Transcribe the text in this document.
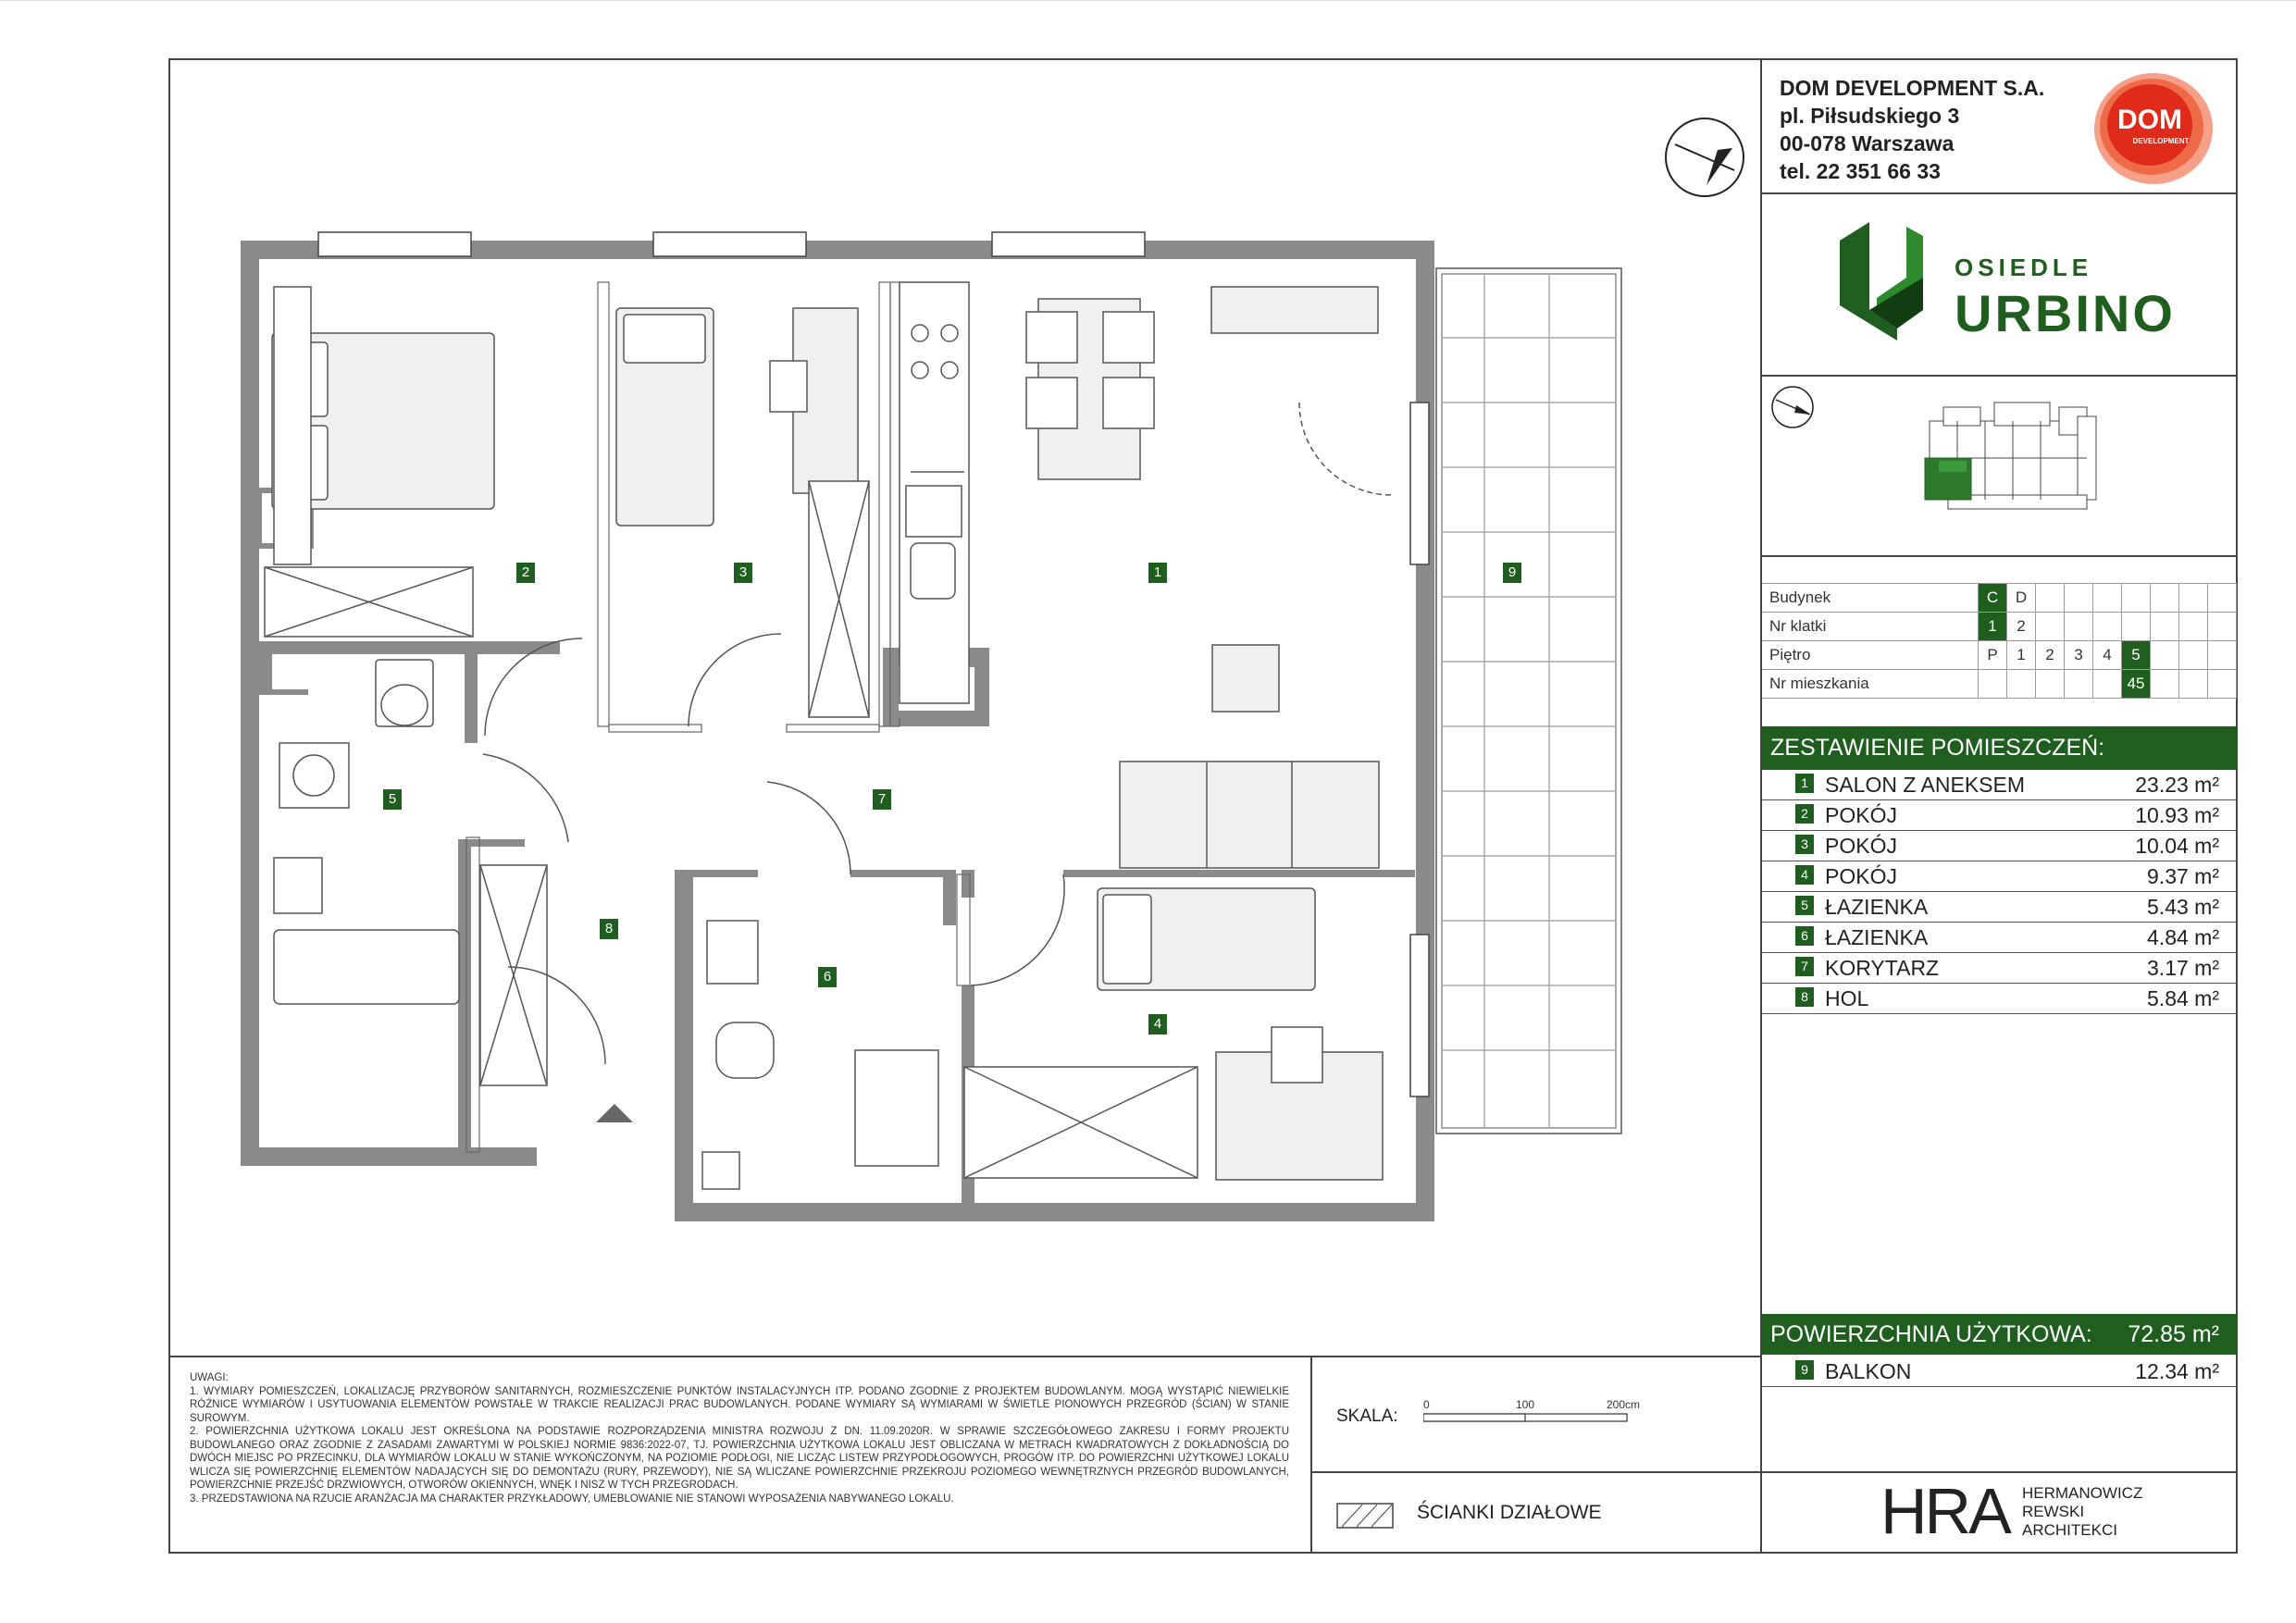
1
2	3
4
5
6
7
8
9
DOM DEVELOPMENT S.A.
pl. Piłsudskiego 3
00-078 Warszawa
tel. 22 351 66 33
DOM
DEVELOPMENT
OSIEDLE
URBINO
Budynek	C	D							
Nr klatki	1	2							
Piętro	P	1	2	3	4	5			
Nr mieszkania						45			
ZESTAWIENIE POMIESZCZEŃ:
1 SALON Z ANEKSEM	23.23 m²
2 POKÓJ	10.93 m²
3 POKÓJ	10.04 m²
4 POKÓJ	9.37 m²
5 ŁAZIENKA	5.43 m²
6 ŁAZIENKA	4.84 m²
7 KORYTARZ	3.17 m²
8 HOL	5.84 m²
POWIERZCHNIA UŻYTKOWA: 72.85 m²
9 BALKON	12.34 m²
UWAGI:
1. WYMIARY POMIESZCZEŃ, LOKALIZACJĘ PRZYBORÓW SANITARNYCH, ROZMIESZCZENIE PUNKTÓW INSTALACYJNYCH ITP. PODANO ZGODNIE Z PROJEKTEM BUDOWLANYM. MOGĄ WYSTĄPIĆ NIEWIELKIE RÓŻNICE WYMIARÓW I USYTUOWANIA ELEMENTÓW POWSTAŁE W TRAKCIE REALIZACJI PRAC BUDOWLANYCH. PODANE WYMIARY SĄ WYMIARAMI W ŚWIETLE PIONOWYCH PRZEGRÓD (ŚCIAN) W STANIE SUROWYM.
2. POWIERZCHNIA UŻYTKOWA LOKALU JEST OKREŚLONA NA PODSTAWIE ROZPORZĄDZENIA MINISTRA ROZWOJU Z DN. 11.09.2020R. W SPRAWIE SZCZEGÓŁOWEGO ZAKRESU I FORMY PROJEKTU BUDOWLANEGO ORAZ ZGODNIE Z ZASADAMI ZAWARTYMI W POLSKIEJ NORMIE 9836:2022-07, TJ. POWIERZCHNIA UŻYTKOWA LOKALU JEST OBLICZANA W METRACH KWADRATOWYCH Z DOKŁADNOŚCIĄ DO DWÓCH MIEJSC PO PRZECINKU, DLA WYMIARÓW LOKALU W STANIE WYKOŃCZONYM, NA POZIOMIE PODŁOGI, NIE LICZĄC LISTEW PRZYPODŁOGOWYCH, PROGÓW ITP. DO POWIERZCHNI UŻYTKOWEJ LOKALU WLICZA SIĘ POWIERZCHNIĘ ELEMENTÓW NADAJĄCYCH SIĘ DO DEMONTAŻU (RURY, PRZEWODY), NIE SĄ WLICZANE POWIERZCHNIE PRZEKROJU POZIOMEGO WEWNĘTRZNYCH PRZEGRÓD BUDOWLANYCH, POWIERZCHNIE PRZEJŚĆ DRZWIOWYCH, OTWORÓW OKIENNYCH, WNĘK I NISZ W TYCH PRZEGRODACH.
3. PRZEDSTAWIONA NA RZUCIE ARANŻACJA MA CHARAKTER PRZYKŁADOWY, UMEBLOWANIE NIE STANOWI WYPOSAŻENIA NABYWANEGO LOKALU.
SKALA:
0	100	200cm
ŚCIANKI DZIAŁOWE	HRA HERMANOWICZ
REWSKI
ARCHITEKCI
